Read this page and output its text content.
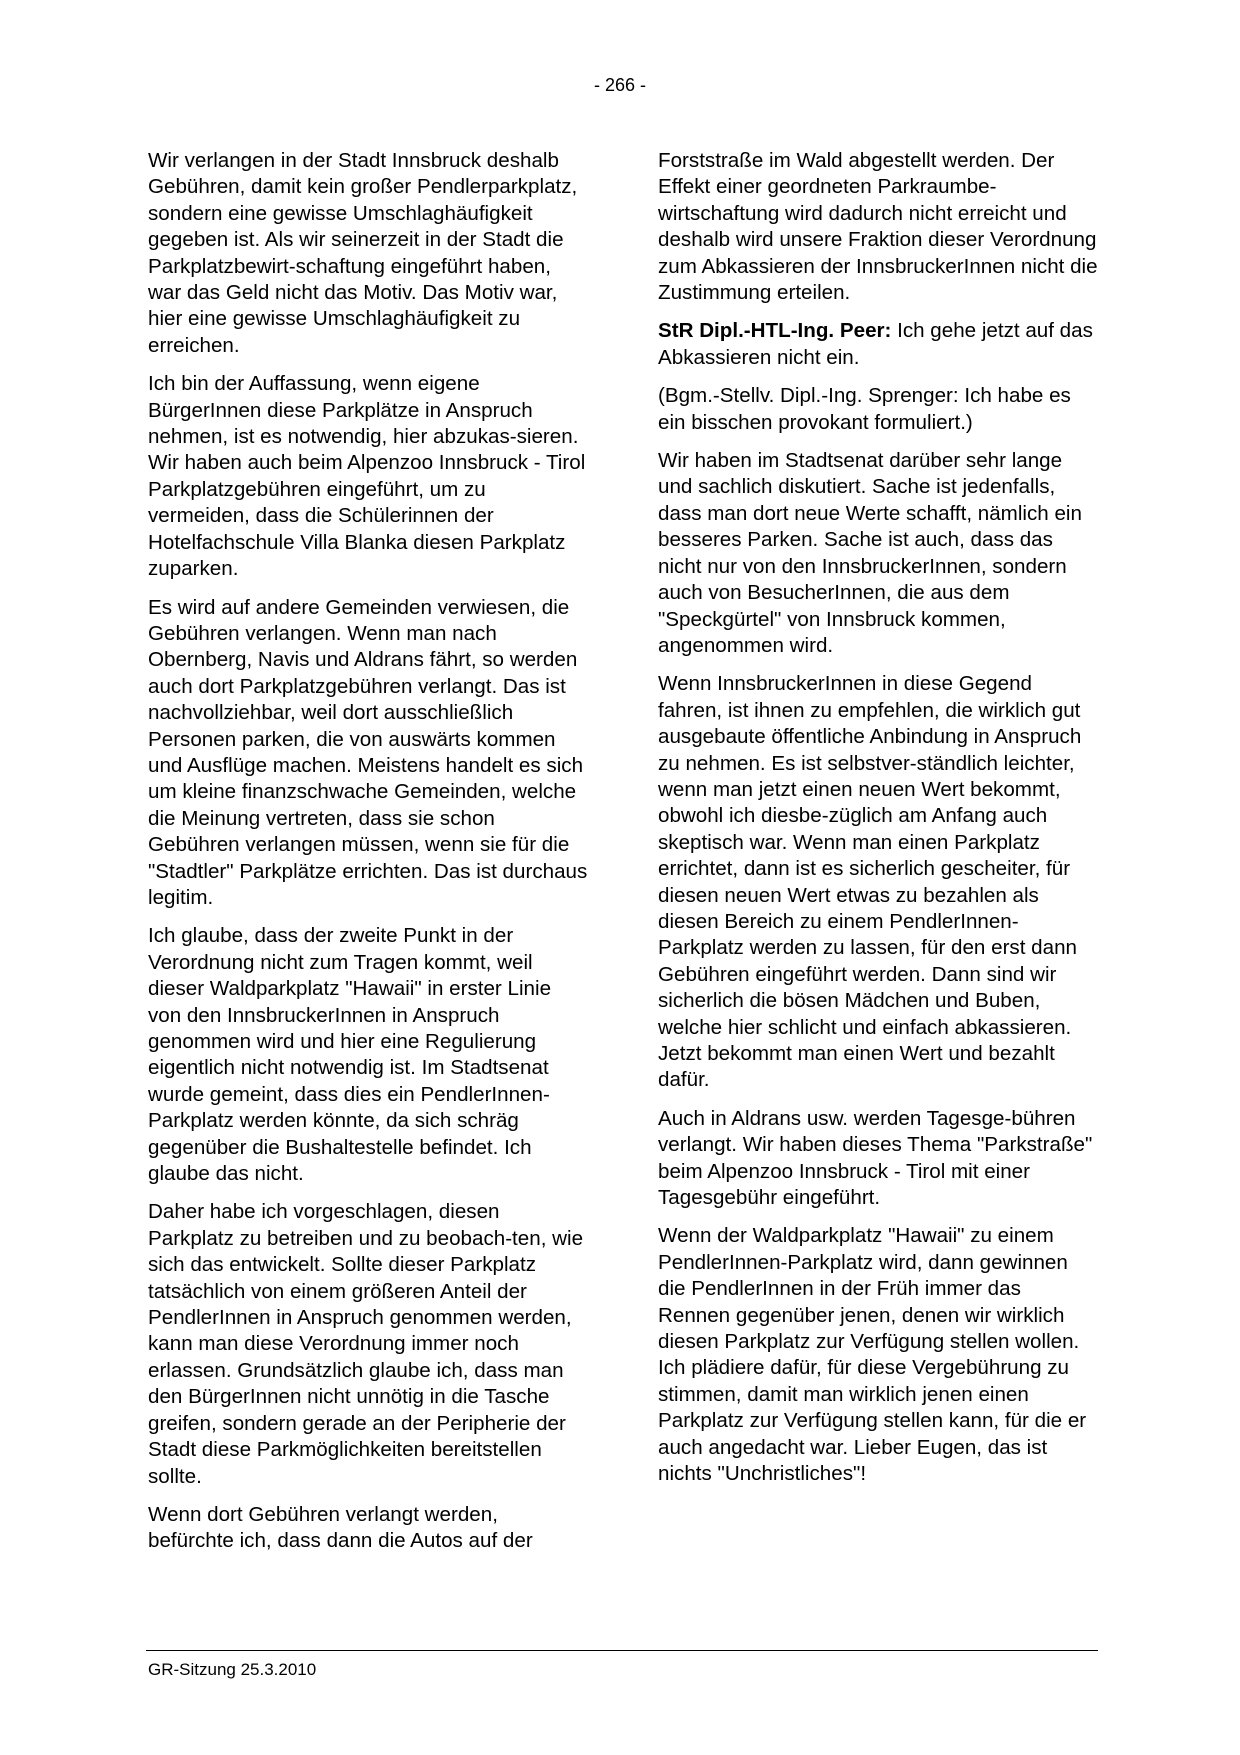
- 266 -

Wir verlangen in der Stadt Innsbruck deshalb Gebühren, damit kein großer Pendlerparkplatz, sondern eine gewisse Umschlaghäufigkeit gegeben ist. Als wir seinerzeit in der Stadt die Parkplatzbewirt-schaftung eingeführt haben, war das Geld nicht das Motiv. Das Motiv war, hier eine gewisse Umschlaghäufigkeit zu erreichen.

Ich bin der Auffassung, wenn eigene BürgerInnen diese Parkplätze in Anspruch nehmen, ist es notwendig, hier abzukas-sieren. Wir haben auch beim Alpenzoo Innsbruck - Tirol Parkplatzgebühren eingeführt, um zu vermeiden, dass die Schülerinnen der Hotelfachschule Villa Blanka diesen Parkplatz zuparken.

Es wird auf andere Gemeinden verwiesen, die Gebühren verlangen. Wenn man nach Obernberg, Navis und Aldrans fährt, so werden auch dort Parkplatzgebühren verlangt. Das ist nachvollziehbar, weil dort ausschließlich Personen parken, die von auswärts kommen und Ausflüge machen. Meistens handelt es sich um kleine finanzschwache Gemeinden, welche die Meinung vertreten, dass sie schon Gebühren verlangen müssen, wenn sie für die "Stadtler" Parkplätze errichten. Das ist durchaus legitim.

Ich glaube, dass der zweite Punkt in der Verordnung nicht zum Tragen kommt, weil dieser Waldparkplatz "Hawaii" in erster Linie von den InnsbruckerInnen in Anspruch genommen wird und hier eine Regulierung eigentlich nicht notwendig ist. Im Stadtsenat wurde gemeint, dass dies ein PendlerInnen-Parkplatz werden könnte, da sich schräg gegenüber die Bushaltestelle befindet. Ich glaube das nicht.

Daher habe ich vorgeschlagen, diesen Parkplatz zu betreiben und zu beobach-ten, wie sich das entwickelt. Sollte dieser Parkplatz tatsächlich von einem größeren Anteil der PendlerInnen in Anspruch genommen werden, kann man diese Verordnung immer noch erlassen. Grundsätzlich glaube ich, dass man den BürgerInnen nicht unnötig in die Tasche greifen, sondern gerade an der Peripherie der Stadt diese Parkmöglichkeiten bereitstellen sollte.

Wenn dort Gebühren verlangt werden, befürchte ich, dass dann die Autos auf der

Forststraße im Wald abgestellt werden. Der Effekt einer geordneten Parkraumbe-wirtschaftung wird dadurch nicht erreicht und deshalb wird unsere Fraktion dieser Verordnung zum Abkassieren der InnsbruckerInnen nicht die Zustimmung erteilen.

StR Dipl.-HTL-Ing. Peer: Ich gehe jetzt auf das Abkassieren nicht ein.

(Bgm.-Stellv. Dipl.-Ing. Sprenger: Ich habe es ein bisschen provokant formuliert.)

Wir haben im Stadtsenat darüber sehr lange und sachlich diskutiert. Sache ist jedenfalls, dass man dort neue Werte schafft, nämlich ein besseres Parken. Sache ist auch, dass das nicht nur von den InnsbruckerInnen, sondern auch von BesucherInnen, die aus dem "Speckgürtel" von Innsbruck kommen, angenommen wird.

Wenn InnsbruckerInnen in diese Gegend fahren, ist ihnen zu empfehlen, die wirklich gut ausgebaute öffentliche Anbindung in Anspruch zu nehmen. Es ist selbstver-ständlich leichter, wenn man jetzt einen neuen Wert bekommt, obwohl ich diesbe-züglich am Anfang auch skeptisch war. Wenn man einen Parkplatz errichtet, dann ist es sicherlich gescheiter, für diesen neuen Wert etwas zu bezahlen als diesen Bereich zu einem PendlerInnen-Parkplatz werden zu lassen, für den erst dann Gebühren eingeführt werden. Dann sind wir sicherlich die bösen Mädchen und Buben, welche hier schlicht und einfach abkassieren. Jetzt bekommt man einen Wert und bezahlt dafür.

Auch in Aldrans usw. werden Tagesge-bühren verlangt. Wir haben dieses Thema "Parkstraße" beim Alpenzoo Innsbruck - Tirol mit einer Tagesgebühr eingeführt.

Wenn der Waldparkplatz "Hawaii" zu einem PendlerInnen-Parkplatz wird, dann gewinnen die PendlerInnen in der Früh immer das Rennen gegenüber jenen, denen wir wirklich diesen Parkplatz zur Verfügung stellen wollen. Ich plädiere dafür, für diese Vergebührung zu stimmen, damit man wirklich jenen einen Parkplatz zur Verfügung stellen kann, für die er auch angedacht war. Lieber Eugen, das ist nichts "Unchristliches"!

GR-Sitzung 25.3.2010
